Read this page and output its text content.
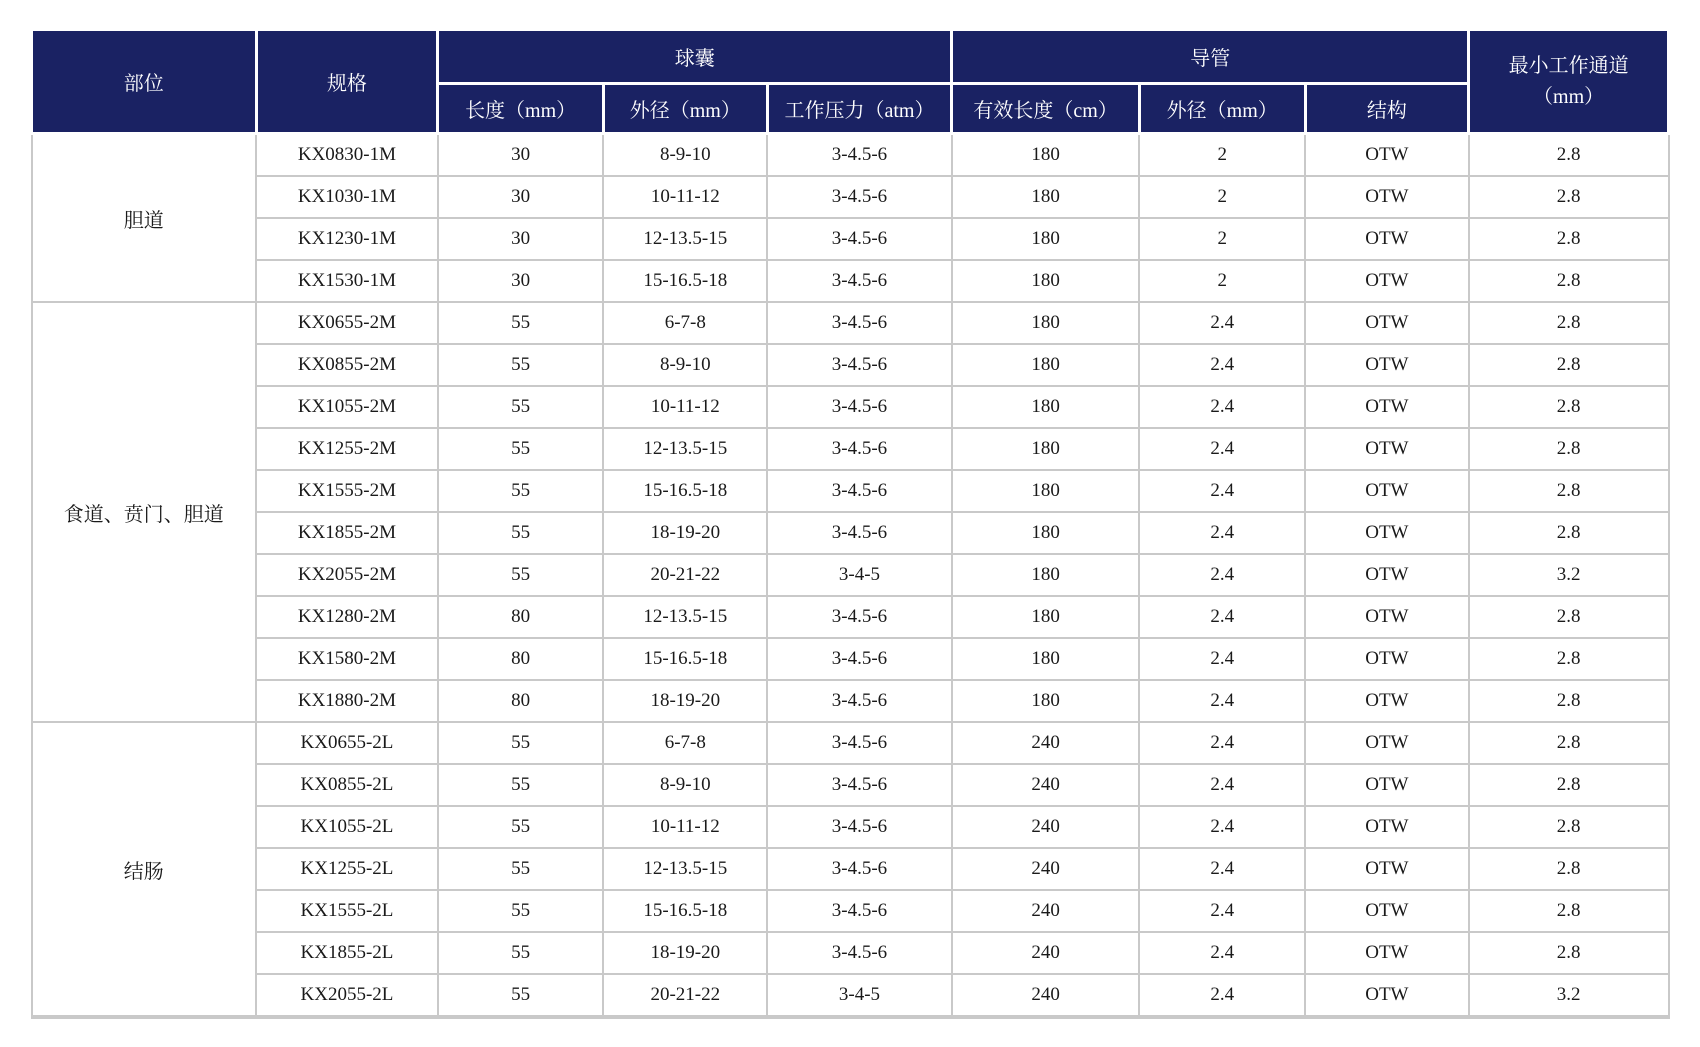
部位	规格	球囊			导管			最小工作通道
（mm）

		长度（mm）	外径（mm）	工作压力（atm）	有效长度（cm）	外径（mm）	结构	
胆道	KX0830-1M	30	8-9-10	3-4.5-6	180	2	OTW	2.8
	KX1030-1M	30	10-11-12	3-4.5-6	180	2	OTW	2.8
	KX1230-1M	30	12-13.5-15	3-4.5-6	180	2	OTW	2.8
	KX1530-1M	30	15-16.5-18	3-4.5-6	180	2	OTW	2.8
食道、贲门、胆道	KX0655-2M	55	6-7-8	3-4.5-6	180	2.4	OTW	2.8
	KX0855-2M	55	8-9-10	3-4.5-6	180	2.4	OTW	2.8
	KX1055-2M	55	10-11-12	3-4.5-6	180	2.4	OTW	2.8
	KX1255-2M	55	12-13.5-15	3-4.5-6	180	2.4	OTW	2.8
	KX1555-2M	55	15-16.5-18	3-4.5-6	180	2.4	OTW	2.8
	KX1855-2M	55	18-19-20	3-4.5-6	180	2.4	OTW	2.8
	KX2055-2M	55	20-21-22	3-4-5	180	2.4	OTW	3.2
	KX1280-2M	80	12-13.5-15	3-4.5-6	180	2.4	OTW	2.8
	KX1580-2M	80	15-16.5-18	3-4.5-6	180	2.4	OTW	2.8
	KX1880-2M	80	18-19-20	3-4.5-6	180	2.4	OTW	2.8
结肠	KX0655-2L	55	6-7-8	3-4.5-6	240	2.4	OTW	2.8
	KX0855-2L	55	8-9-10	3-4.5-6	240	2.4	OTW	2.8
	KX1055-2L	55	10-11-12	3-4.5-6	240	2.4	OTW	2.8
	KX1255-2L	55	12-13.5-15	3-4.5-6	240	2.4	OTW	2.8
	KX1555-2L	55	15-16.5-18	3-4.5-6	240	2.4	OTW	2.8
	KX1855-2L	55	18-19-20	3-4.5-6	240	2.4	OTW	2.8
	KX2055-2L	55	20-21-22	3-4-5	240	2.4	OTW	3.2
